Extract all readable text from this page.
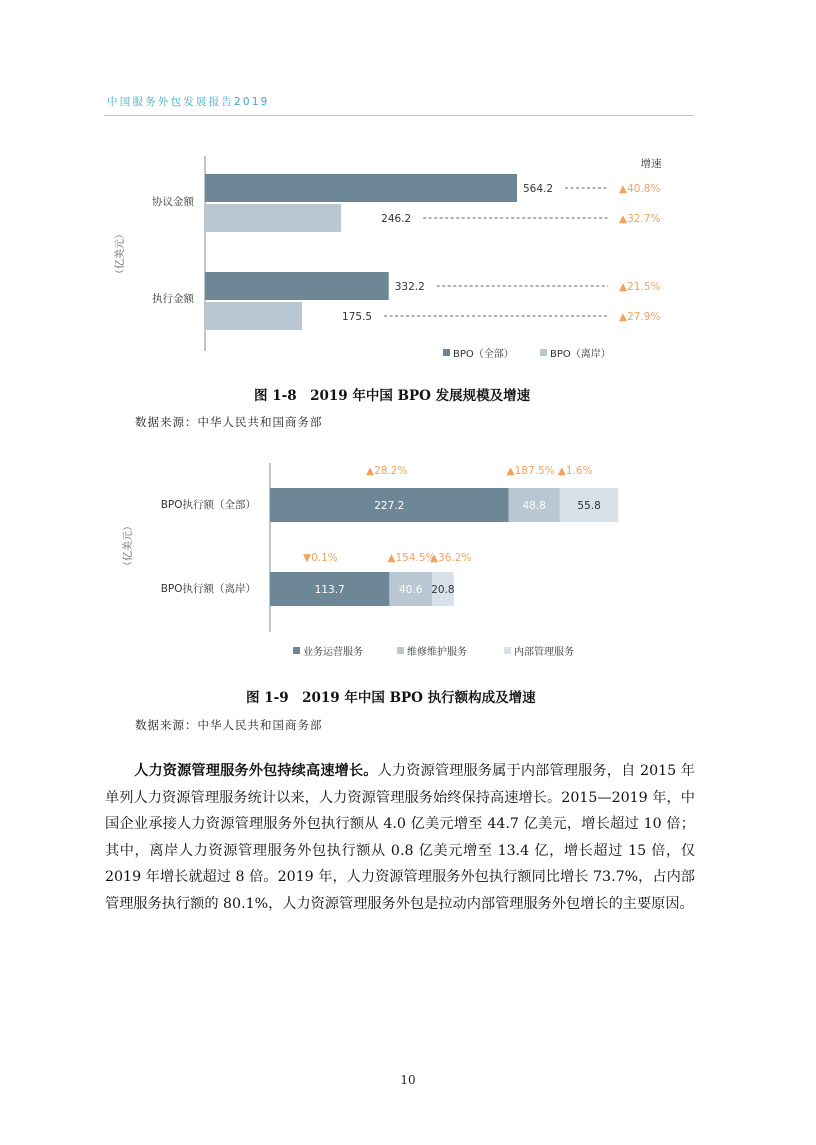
中国服务外包发展报告2019
（亿美元）
增速
协议金额
564.2	▲40.8%
246.2	▲32.7%
执行金额
332.2	▲21.5%
175.5	▲27.9%
BPO（全部）	BPO（离岸）
图 1-8　2019 年中国 BPO 发展规模及增速
数据来源：中华人民共和国商务部
（亿美元）
BPO执行额（全部）	227.2
▲28.2%
48.8
▲187.5%
55.8
▲1.6%
BPO执行额（离岸）	113.7
▼0.1%
40.6
▲154.5%
20.8
▲36.2%
业务运营服务	维修维护服务	内部管理服务
图 1-9　2019 年中国 BPO 执行额构成及增速
数据来源：中华人民共和国商务部

人力资源管理服务外包持续高速增长。人力资源管理服务属于内部管理服务，自 2015 年单列人力资源管理服务统计以来，人力资源管理服务始终保持高速增长。2015—2019 年，中国企业承接人力资源管理服务外包执行额从 4.0 亿美元增至 44.7 亿美元，增长超过 10 倍；其中，离岸人力资源管理服务外包执行额从 0.8 亿美元增至 13.4 亿，增长超过 15 倍，仅 2019 年增长就超过 8 倍。2019 年，人力资源管理服务外包执行额同比增长 73.7%，占内部管理服务执行额的 80.1%，人力资源管理服务外包是拉动内部管理服务外包增长的主要原因。

10
